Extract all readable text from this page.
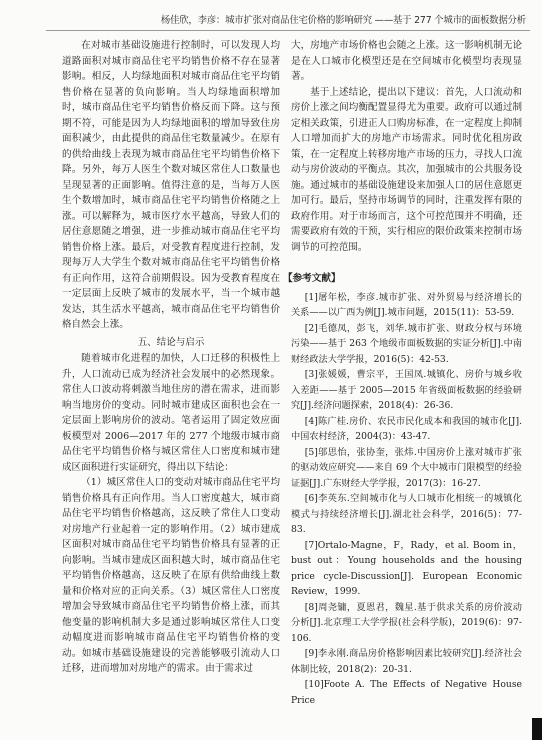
杨佳欣，李彦：城市扩张对商品住宅价格的影响研究 ——基于 277 个城市的面板数据分析

在对城市基础设施进行控制时，可以发现人均道路面积对城市商品住宅平均销售价格不存在显著影响。相反，人均绿地面积对城市商品住宅平均销售价格在显著的负向影响。当人均绿地面积增加时，城市商品住宅平均销售价格反而下降。这与预期不符，可能是因为人均绿地面积的增加导致住房面积减少，由此提供的商品住宅数量减少。在原有的供给曲线上表现为城市商品住宅平均销售价格下降。另外，每万人医生个数对城区常住人口数量也呈现显著的正面影响。值得注意的是，当每万人医生个数增加时，城市商品住宅平均销售价格随之上涨。可以解释为，城市医疗水平越高，导致人们的居住意愿随之增强，进一步推动城市商品住宅平均销售价格上涨。最后，对受教育程度进行控制，发现每万人大学生个数对城市商品住宅平均销售价格有正向作用，这符合前期假设。因为受教育程度在一定层面上反映了城市的发展水平，当一个城市越发达，其生活水平越高，城市商品住宅平均销售价格自然会上涨。

五、结论与启示

随着城市化进程的加快，人口迁移的积极性上升，人口流动已成为经济社会发展中的必然现象。常住人口波动将刺激当地住房的潜在需求，进而影响当地房价的变动。同时城市建成区面积也会在一定层面上影响房价的波动。笔者运用了固定效应面板模型对 2006—2017 年的 277 个地级市城市商品住宅平均销售价格与城区常住人口密度和城市建成区面积进行实证研究，得出以下结论：

（1）城区常住人口的变动对城市商品住宅平均销售价格具有正向作用。当人口密度越大，城市商品住宅平均销售价格越高，这反映了常住人口变动对房地产行业起着一定的影响作用。（2）城市建成区面积对城市商品住宅平均销售价格具有显著的正向影响。当城市建成区面积越大时，城市商品住宅平均销售价格越高，这反映了在原有供给曲线上数量和价格对应的正向关系。（3）城区常住人口密度增加会导致城市商品住宅平均销售价格上涨，而其他变量的影响机制大多是通过影响城区常住人口变动幅度进而影响城市商品住宅平均销售价格的变动。如城市基础设施建设的完善能够吸引流动人口迁移，进而增加对房地产的需求。由于需求过

大，房地产市场价格也会随之上涨。这一影响机制无论是在人口城市化模型还是在空间城市化模型均表现显著。

基于上述结论，提出以下建议：首先，人口流动和房价上涨之间均衡配置显得尤为重要。政府可以通过制定相关政策，引进正人口购房标准，在一定程度上抑制人口增加而扩大的房地产市场需求。同时优化租房政策，在一定程度上转移房地产市场的压力，寻找人口流动与房价波动的平衡点。其次，加强城市的公共服务设施。通过城市的基础设施建设来加强人口的居住意愿更加可行。最后，坚持市场调节的同时，注重发挥有限的政府作用。对于市场而言，这个可控范围并不明确，还需要政府有效的干预，实行相应的限价政策来控制市场调节的可控范围。

【参考文献】

[1]屠年松，李彦.城市扩张、对外贸易与经济增长的关系——以广西为例[J].城市问题，2015(11)：53-59.

[2]毛德凤，彭飞，刘华.城市扩张、财政分权与环境污染——基于 263 个地级市面板数据的实证分析[J].中南财经政法大学学报，2016(5)：42-53.

[3]张媛媛，曹宗平，王国凤.城镇化、房价与城乡收入差距——基于 2005—2015 年省级面板数据的经验研究[J].经济问题探索，2018(4)：26-36.

[4]陈广桂.房价、农民市民化成本和我国的城市化[J].中国农村经济，2004(3)：43-47.

[5]邬思怡，张协奎，张炜.中国房价上涨对城市扩张的驱动效应研究——来自 69 个大中城市门限模型的经验证据[J].广东财经大学学报，2017(3)：16-27.

[6]李英东.空间城市化与人口城市化相统一的城镇化模式与持续经济增长[J].湖北社会科学，2016(5)：77-83.

[7]Ortalo-Magne，F，Rady，et al. Boom in，bust out：Young households and the housing price cycle-Discussion[J]. European Economic Review，1999.

[8]周尧镛，夏恩君，魏星.基于供求关系的房价波动分析[J].北京理工大学学报(社会科学版)，2019(6)：97-106.

[9]李永刚.商品房价格影响因素比较研究[J].经济社会体制比较，2018(2)：20-31.

[10]Foote A. The Effects of Negative House Price
